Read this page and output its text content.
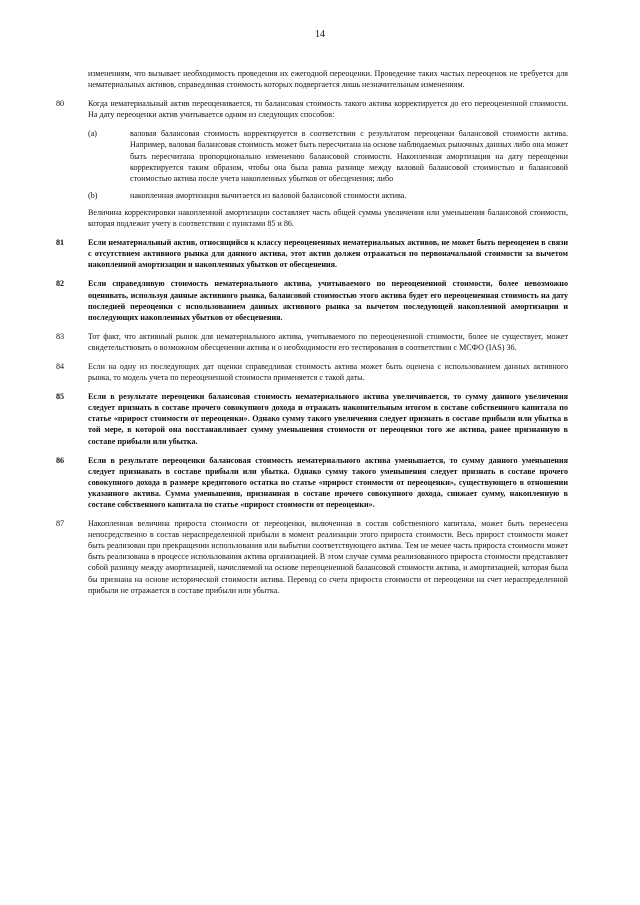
14

изменениям, что вызывает необходимость проведения их ежегодной переоценки. Проведение таких частых переоценок не требуется для нематериальных активов, справедливая стоимость которых подвергается лишь незначительным изменениям.

80	Когда нематериальный актив переоценивается, то балансовая стоимость такого актива корректируется до его переоцененной стоимости. На дату переоценки актив учитывается одним из следующих способов:

(а)	валовая балансовая стоимость корректируется в соответствии с результатом переоценки балансовой стоимости актива. Например, валовая балансовая стоимость может быть пересчитана на основе наблюдаемых рыночных данных либо она может быть пересчитана пропорционально изменению балансовой стоимости. Накопленная амортизация на дату переоценки корректируется таким образом, чтобы она была равна разнице между валовой балансовой стоимостью и балансовой стоимостью актива после учета накопленных убытков от обесценения; либо

(b)	накопленная амортизация вычитается из валовой балансовой стоимости актива.

Величина корректировки накопленной амортизации составляет часть общей суммы увеличения или уменьшения балансовой стоимости, которая подлежит учету в соответствии с пунктами 85 и 86.

81	Если нематериальный актив, относящийся к классу переоцененных нематериальных активов, не может быть переоценен в связи с отсутствием активного рынка для данного актива, этот актив должен отражаться по первоначальной стоимости за вычетом накопленной амортизации и накопленных убытков от обесценения.

82	Если справедливую стоимость нематериального актива, учитываемого по переоцененной стоимости, более невозможно оценивать, используя данные активного рынка, балансовой стоимостью этого актива будет его переоцененная стоимость на дату последней переоценки с использованием данных активного рынка за вычетом последующей накопленной амортизации и последующих накопленных убытков от обесценения.

83	Тот факт, что активный рынок для нематериального актива, учитываемого по переоцененной стоимости, более не существует, может свидетельствовать о возможном обесценении актива и о необходимости его тестирования в соответствии с МСФО (IAS) 36.

84	Если на одну из последующих дат оценки справедливая стоимость актива может быть оценена с использованием данных активного рынка, то модель учета по переоцененной стоимости применяется с такой даты.

85	Если в результате переоценки балансовая стоимость нематериального актива увеличивается, то сумму данного увеличения следует признать в составе прочего совокупного дохода и отражать накопительным итогом в составе собственного капитала по статье «прирост стоимости от переоценки». Однако сумму такого увеличения следует признать в составе прибыли или убытка в той мере, в которой она восстанавливает сумму уменьшения стоимости от переоценки того же актива, ранее признанную в составе прибыли или убытка.

86	Если в результате переоценки балансовая стоимость нематериального актива уменьшается, то сумму данного уменьшения следует признавать в составе прибыли или убытка. Однако сумму такого уменьшения следует признать в составе прочего совокупного дохода в размере кредитового остатка по статье «прирост стоимости от переоценки», существующего в отношении указанного актива. Сумма уменьшения, признанная в составе прочего совокупного дохода, снижает сумму, накопленную в составе собственного капитала по статье «прирост стоимости от переоценки».

87	Накопленная величина прироста стоимости от переоценки, включенная в состав собственного капитала, может быть перенесена непосредственно в состав нераспределенной прибыли в момент реализации этого прироста стоимости. Весь прирост стоимости может быть реализован при прекращении использования или выбытии соответствующего актива. Тем не менее часть прироста стоимости может быть реализована в процессе использования актива организацией. В этом случае сумма реализованного прироста стоимости представляет собой разницу между амортизацией, начисляемой на основе переоцененной балансовой стоимости актива, и амортизацией, которая была бы признана на основе исторической стоимости актива. Перевод со счета прироста стоимости от переоценки на счет нераспределенной прибыли не отражается в составе прибыли или убытка.
